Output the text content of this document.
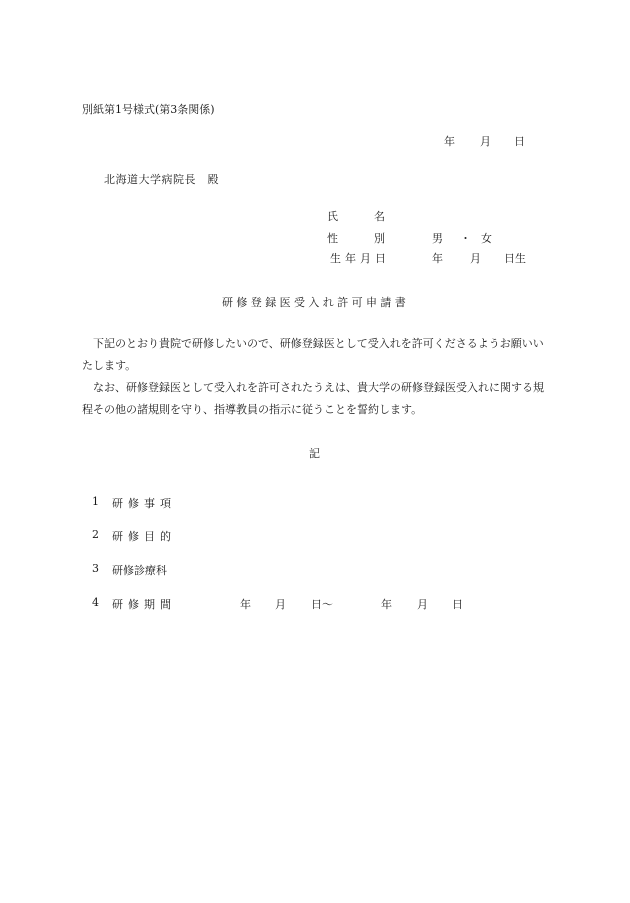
別紙第1号様式(第3条関係)
年 月 日
北海道大学病院長　殿
氏	名
性	別	男 ・ 女
生年月日	年 月 日生
研修登録医受入れ許可申請書

　下記のとおり貴院で研修したいので、研修登録医として受入れを許可くださるようお願いいたします。

　なお、研修登録医として受入れを許可されたうえは、貴大学の研修登録医受入れに関する規程その他の諸規則を守り、指導教員の指示に従うことを誓約します。

記
1 研修事項
2 研修目的
3 研修診療科
4 研修期間	年 月 日〜	年 月 日
